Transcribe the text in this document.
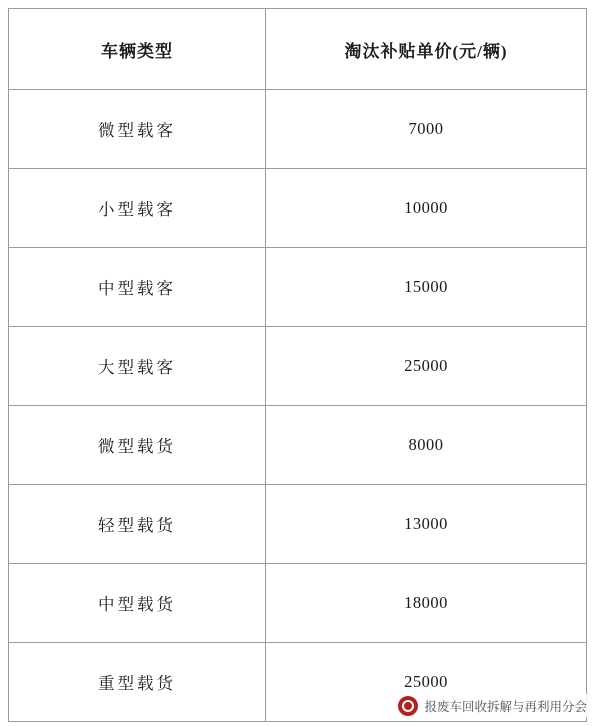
车辆类型	淘汰补贴单价(元/辆)
微型载客	7000
小型载客	10000
中型载客	15000
大型载客	25000
微型载货	8000
轻型载货	13000
中型载货	18000
重型载货	25000
报废车回收拆解与再利用分会
